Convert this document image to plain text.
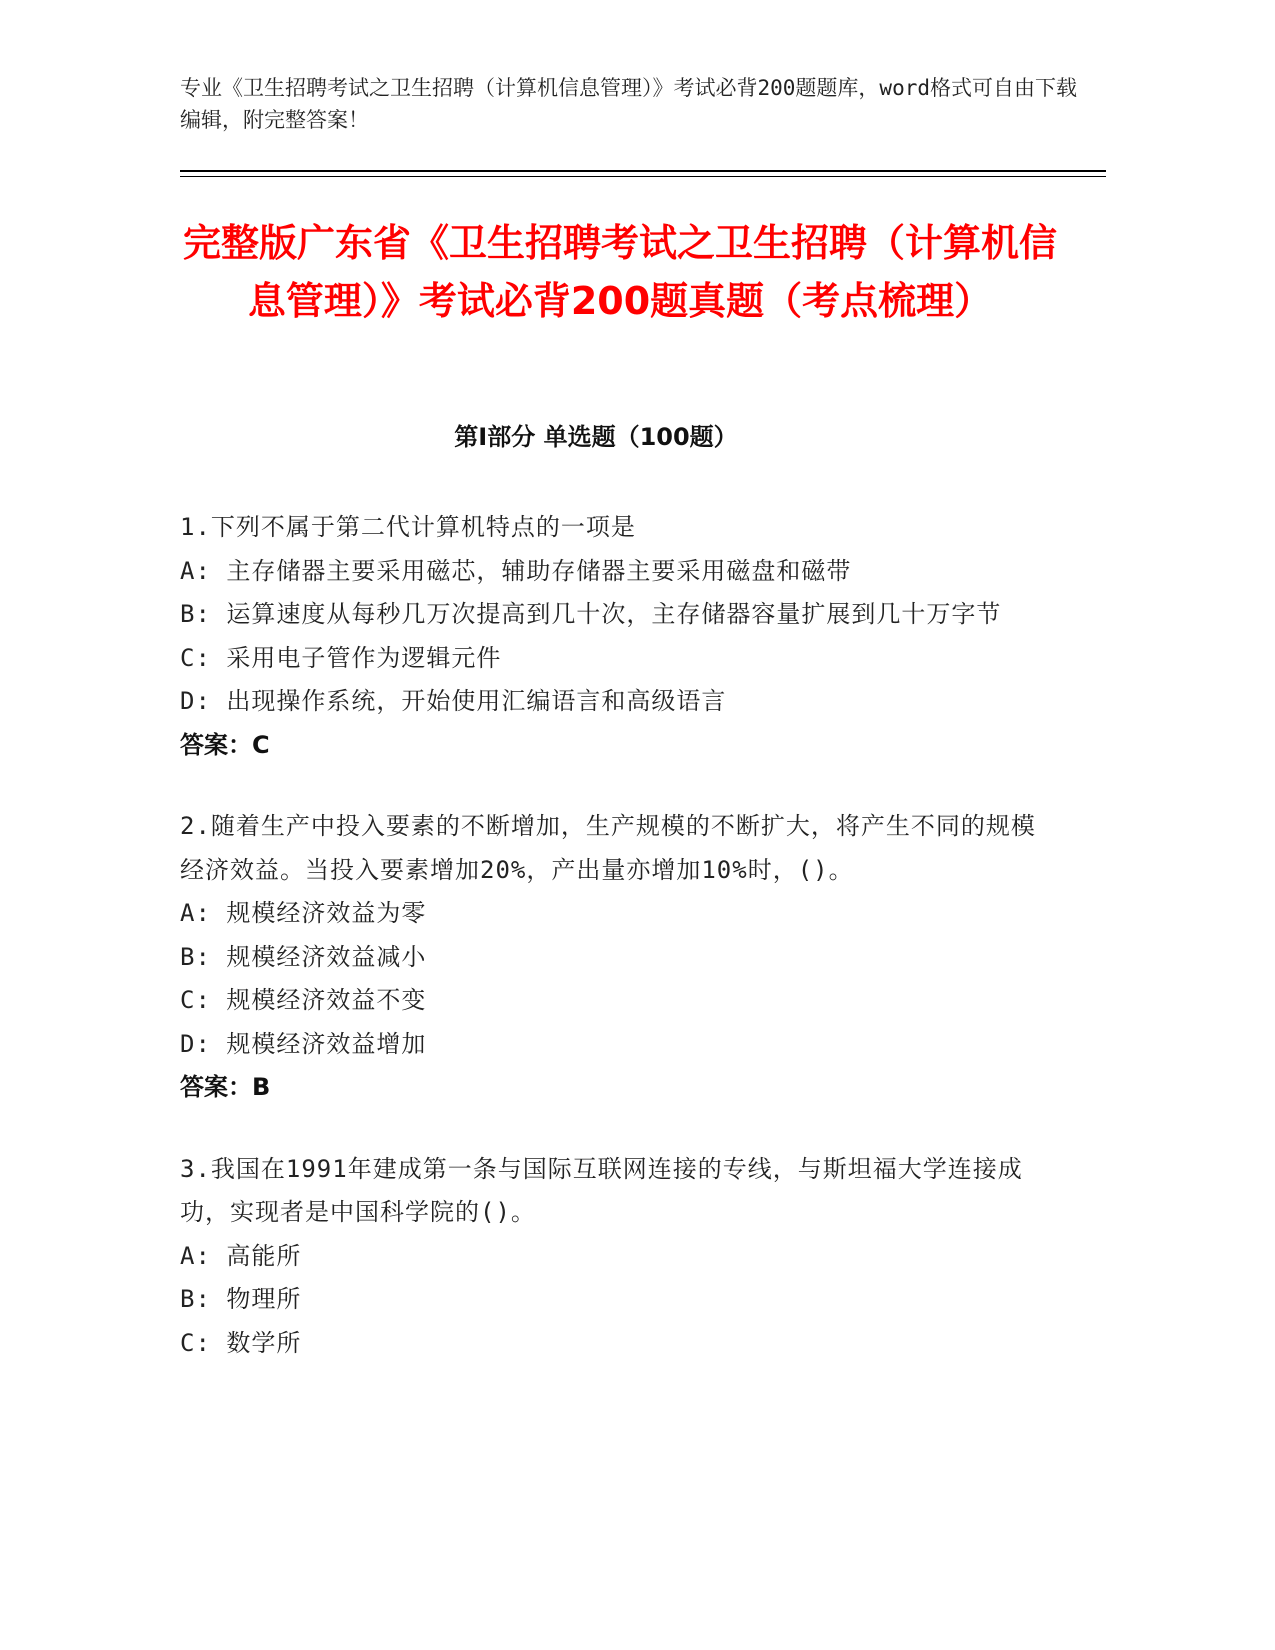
专业《卫生招聘考试之卫生招聘（计算机信息管理）》考试必背200题题库，word格式可自由下载编辑，附完整答案！
完整版广东省《卫生招聘考试之卫生招聘（计算机信息管理）》考试必背200题真题（考点梳理）
第Ⅰ部分 单选题（100题）

1.下列不属于第二代计算机特点的一项是

A: 主存储器主要采用磁芯，辅助存储器主要采用磁盘和磁带

B: 运算速度从每秒几万次提高到几十次，主存储器容量扩展到几十万字节

C: 采用电子管作为逻辑元件

D: 出现操作系统，开始使用汇编语言和高级语言

答案：C

2.随着生产中投入要素的不断增加，生产规模的不断扩大，将产生不同的规模经济效益。当投入要素增加20%，产出量亦增加10%时，()。

A: 规模经济效益为零

B: 规模经济效益减小

C: 规模经济效益不变

D: 规模经济效益增加

答案：B

3.我国在1991年建成第一条与国际互联网连接的专线，与斯坦福大学连接成功，实现者是中国科学院的()。

A: 高能所

B: 物理所

C: 数学所
